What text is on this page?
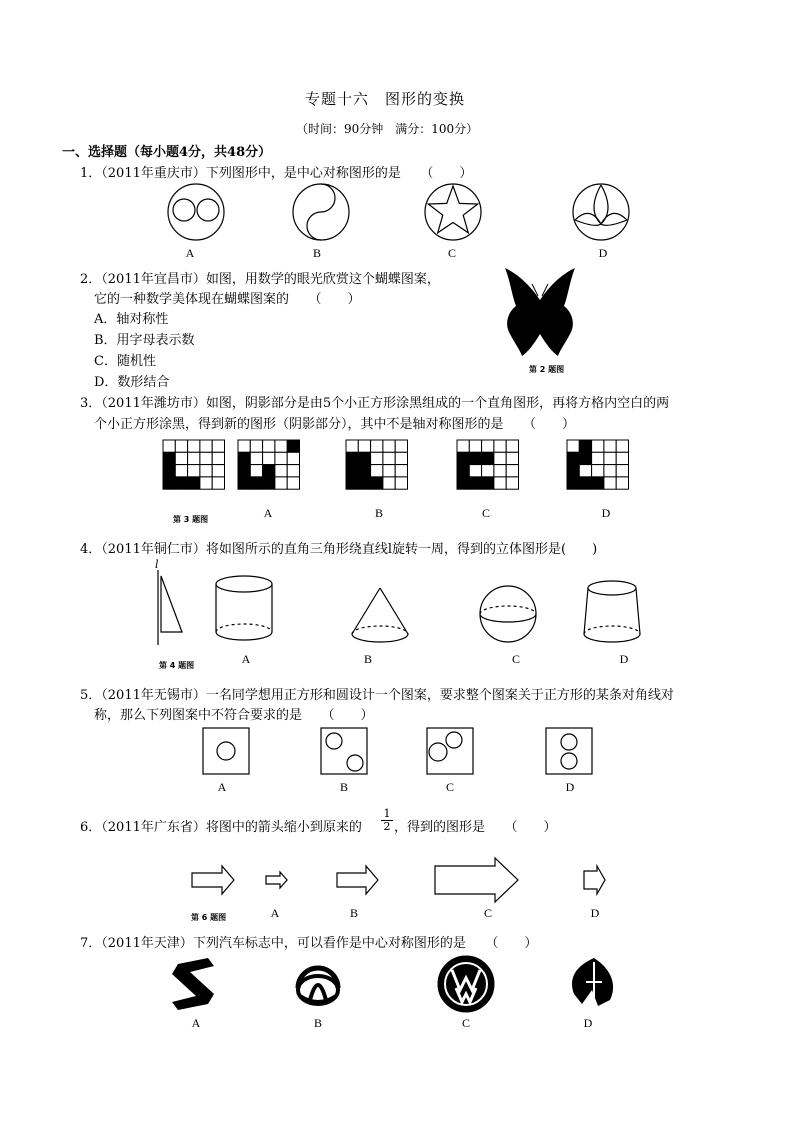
专题十六　图形的变换
（时间：90分钟　满分：100分）
一、选择题（每小题4分，共48分）
1．（2011年重庆市）下列图形中，是中心对称图形的是　　（　　）
A	B	C	D
2．（2011年宜昌市）如图，用数学的眼光欣赏这个蝴蝶图案，
它的一种数学美体现在蝴蝶图案的　　（　　）
A．轴对称性
B．用字母表示数
C．随机性
D．数形结合
第 2 题图
3．（2011年潍坊市）如图，阴影部分是由5个小正方形涂黑组成的一个直角图形，再将方格内空白的两
个小正方形涂黑，得到新的图形（阴影部分），其中不是轴对称图形的是　　（　　）
第 3 题图	A	B	C	D
4．（2011年铜仁市）将如图所示的直角三角形绕直线l旋转一周，得到的立体图形是(　　)
l
第 4 题图	A	B	C	D
5．（2011年无锡市）一名同学想用正方形和圆设计一个图案，要求整个图案关于正方形的某条对角线对
称，那么下列图案中不符合要求的是　　（　　）
A	B	C	D
6．（2011年广东省）将图中的箭头缩小到原来的 $\frac{1}{2}$ ，得到的图形是　　（　　）
第 6 题图	A	B	C	D
7．（2011年天津）下列汽车标志中，可以看作是中心对称图形的是　　（　　）
A	B	C	D
